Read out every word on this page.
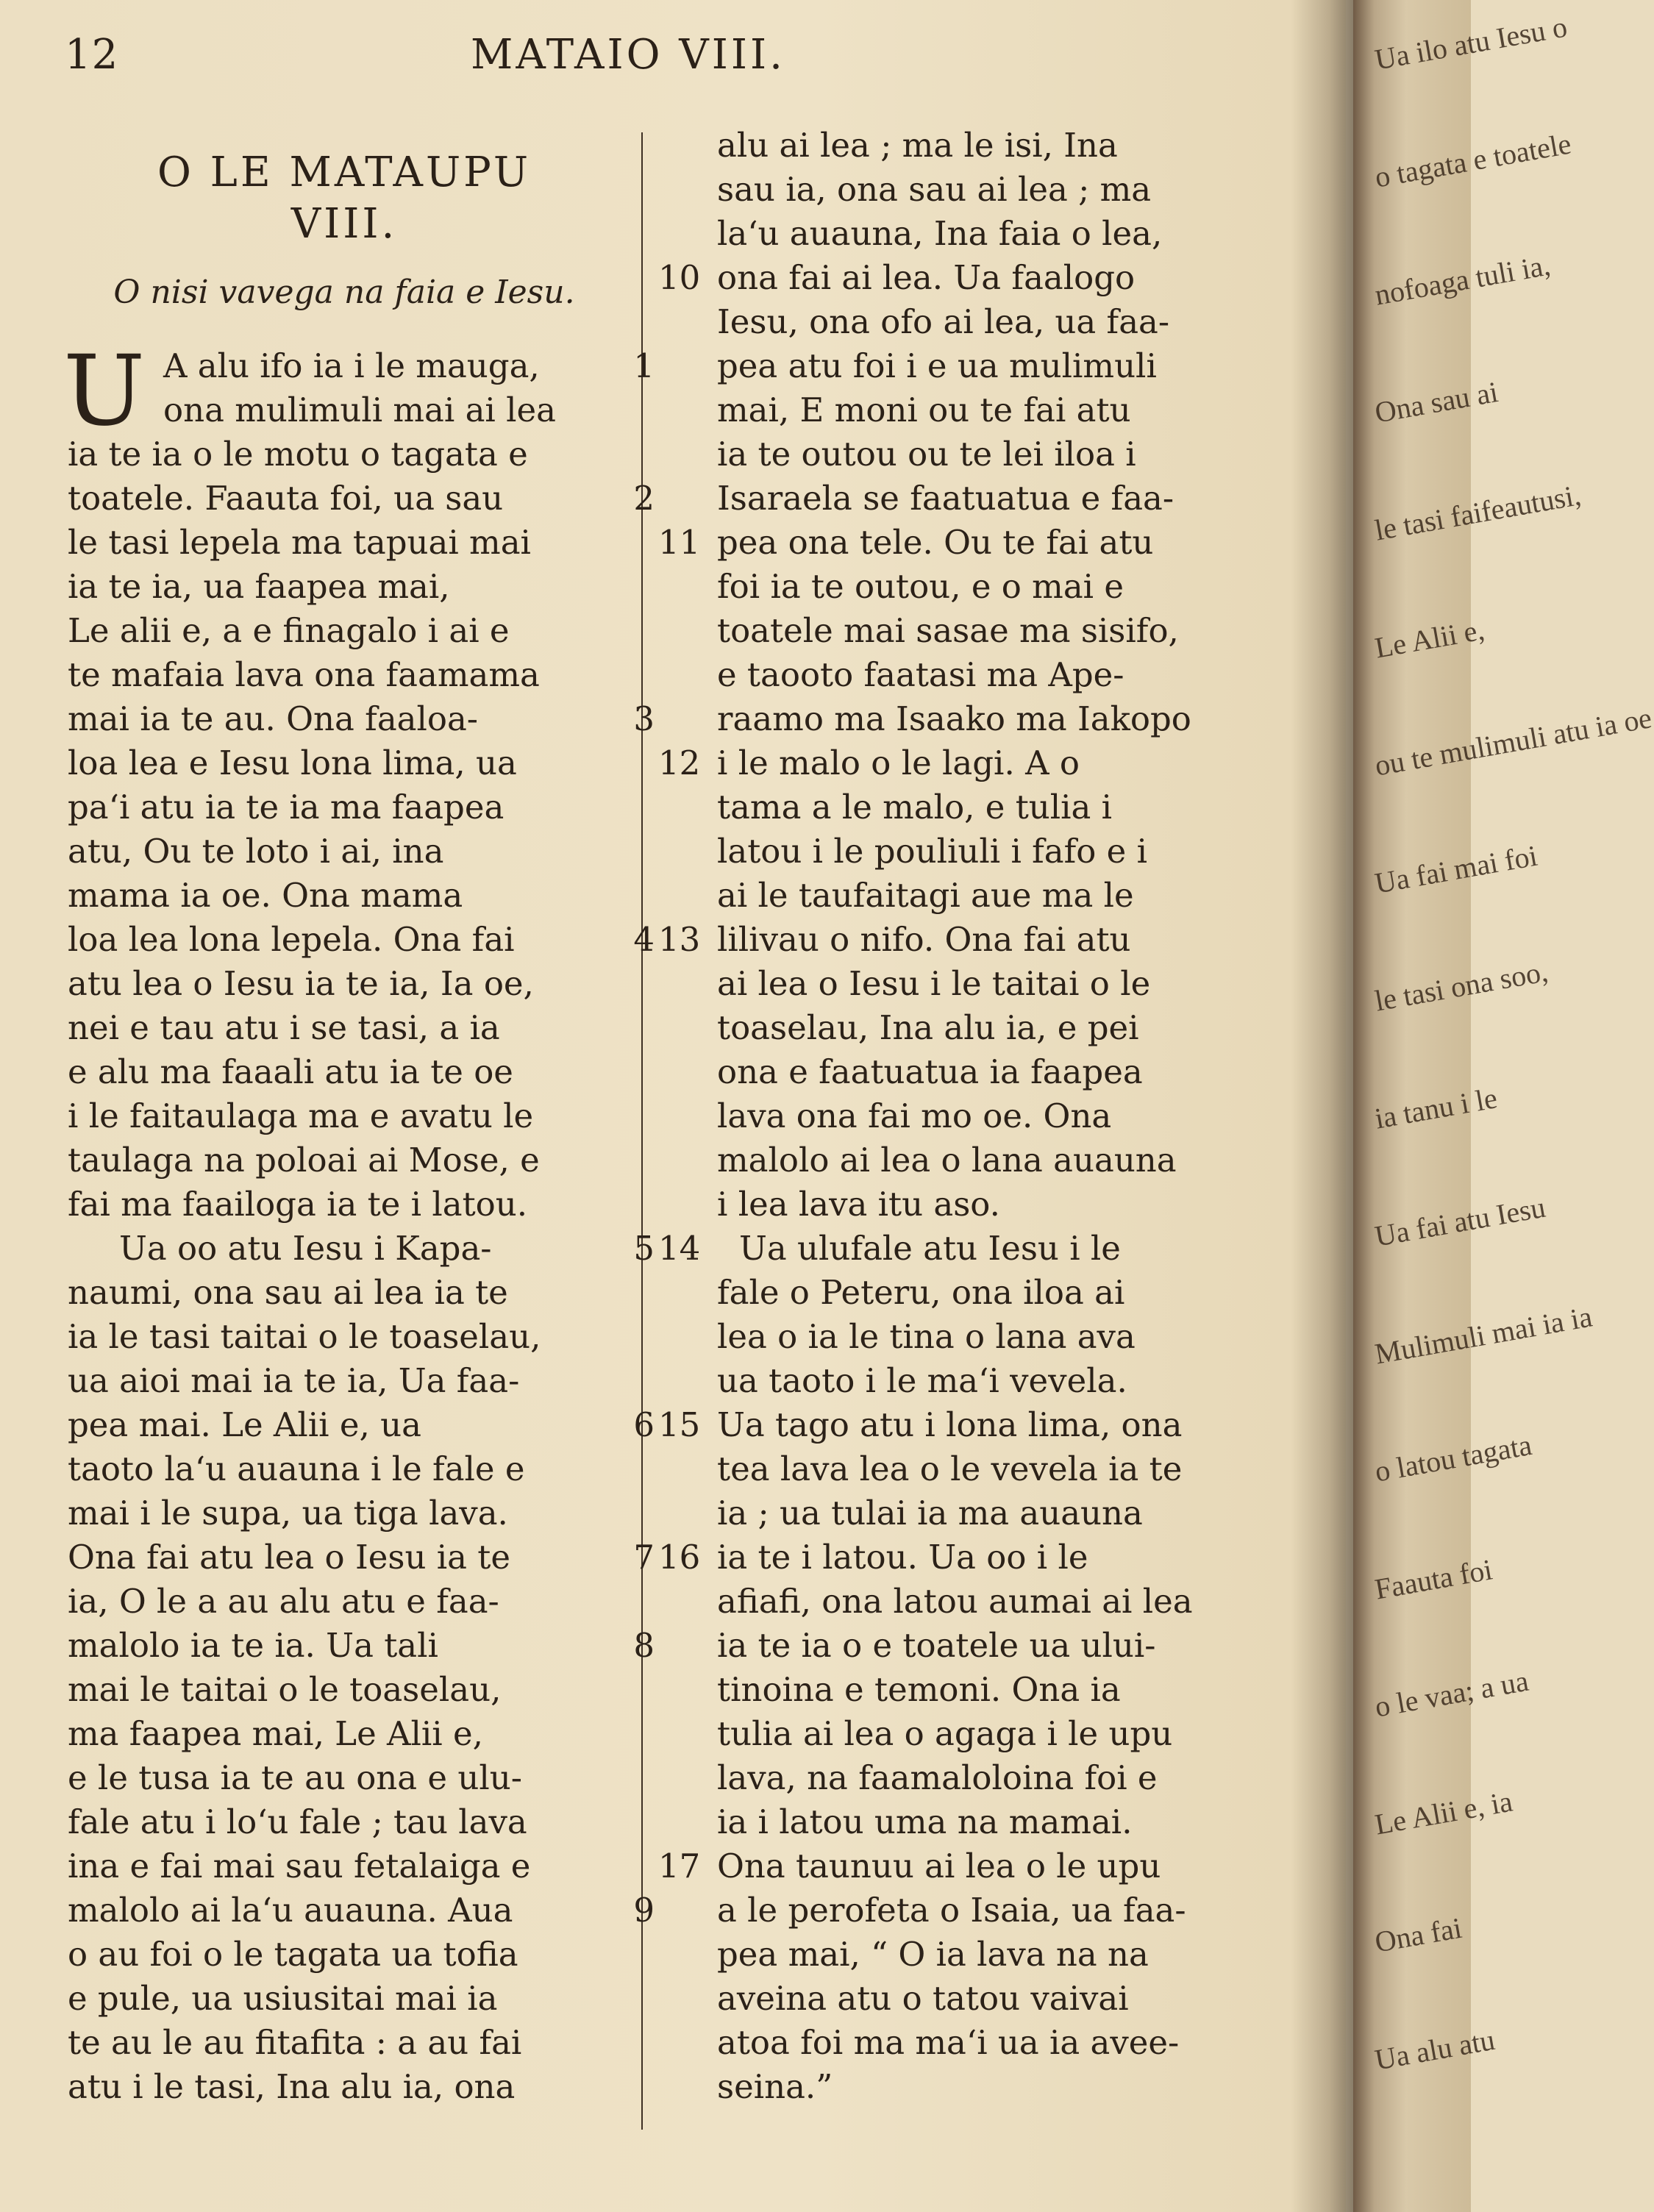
12	MATAIO VIII.
O LE MATAUPU
VIII.
O nisi vavega na faia e Iesu.
U A alu ifo ia i le mauga,	1
ona mulimuli mai ai lea
ia te ia o le motu o tagata e
toatele. Faauta foi, ua sau	2
le tasi lepela ma tapuai mai
ia te ia, ua faapea mai,
Le alii e, a e finagalo i ai e
te mafaia lava ona faamama
mai ia te au. Ona faaloa-	3
loa lea e Iesu lona lima, ua
pa‘i atu ia te ia ma faapea
atu, Ou te loto i ai, ina
mama ia oe. Ona mama
loa lea lona lepela. Ona fai	4
atu lea o Iesu ia te ia, Ia oe,
nei e tau atu i se tasi, a ia
e alu ma faaali atu ia te oe
i le faitaulaga ma e avatu le
taulaga na poloai ai Mose, e
fai ma faailoga ia te i latou.
Ua oo atu Iesu i Kapa-	5
naumi, ona sau ai lea ia te
ia le tasi taitai o le toaselau,
ua aioi mai ia te ia, Ua faa-
pea mai. Le Alii e, ua	6
taoto la‘u auauna i le fale e
mai i le supa, ua tiga lava.
Ona fai atu lea o Iesu ia te	7
ia, O le a au alu atu e faa-
malolo ia te ia. Ua tali	8
mai le taitai o le toaselau,
ma faapea mai, Le Alii e,
e le tusa ia te au ona e ulu-
fale atu i lo‘u fale ; tau lava
ina e fai mai sau fetalaiga e
malolo ai la‘u auauna. Aua	9
o au foi o le tagata ua tofia
e pule, ua usiusitai mai ia
te au le au fitafita : a au fai
atu i le tasi, Ina alu ia, ona
alu ai lea ; ma le isi, Ina
sau ia, ona sau ai lea ; ma
la‘u auauna, Ina faia o lea,
10 ona fai ai lea. Ua faalogo
Iesu, ona ofo ai lea, ua faa-
pea atu foi i e ua mulimuli
mai, E moni ou te fai atu
ia te outou ou te lei iloa i
Isaraela se faatuatua e faa-
11 pea ona tele. Ou te fai atu
foi ia te outou, e o mai e
toatele mai sasae ma sisifo,
e taooto faatasi ma Ape-
raamo ma Isaako ma Iakopo
12 i le malo o le lagi. A o
tama a le malo, e tulia i
latou i le pouliuli i fafo e i
ai le taufaitagi aue ma le
13 lilivau o nifo. Ona fai atu
ai lea o Iesu i le taitai o le
toaselau, Ina alu ia, e pei
ona e faatuatua ia faapea
lava ona fai mo oe. Ona
malolo ai lea o lana auauna
i lea lava itu aso.
14 Ua ulufale atu Iesu i le
fale o Peteru, ona iloa ai
lea o ia le tina o lana ava
ua taoto i le ma‘i vevela.
15 Ua tago atu i lona lima, ona
tea lava lea o le vevela ia te
ia ; ua tulai ia ma auauna
16 ia te i latou. Ua oo i le
afiafi, ona latou aumai ai lea
ia te ia o e toatele ua ului-
tinoina e temoni. Ona ia
tulia ai lea o agaga i le upu
lava, na faamaloloina foi e
ia i latou uma na mamai.
17 Ona taunuu ai lea o le upu
a le perofeta o Isaia, ua faa-
pea mai, “ O ia lava na na
aveina atu o tatou vaivai
atoa foi ma ma‘i ua ia avee-
seina.”
Ua ilo atu Iesu o
o tagata e toatele
nofoaga tuli ia,
Ona sau ai
le tasi faifeautusi,
Le Alii e,
ou te mulimuli atu ia oe
Ua fai mai foi
le tasi ona soo,
ia tanu i le
Ua fai atu Iesu
Mulimuli mai ia ia
o latou tagata
Faauta foi
o le vaa; a ua
Le Alii e, ia
Ona fai
Ua alu atu
